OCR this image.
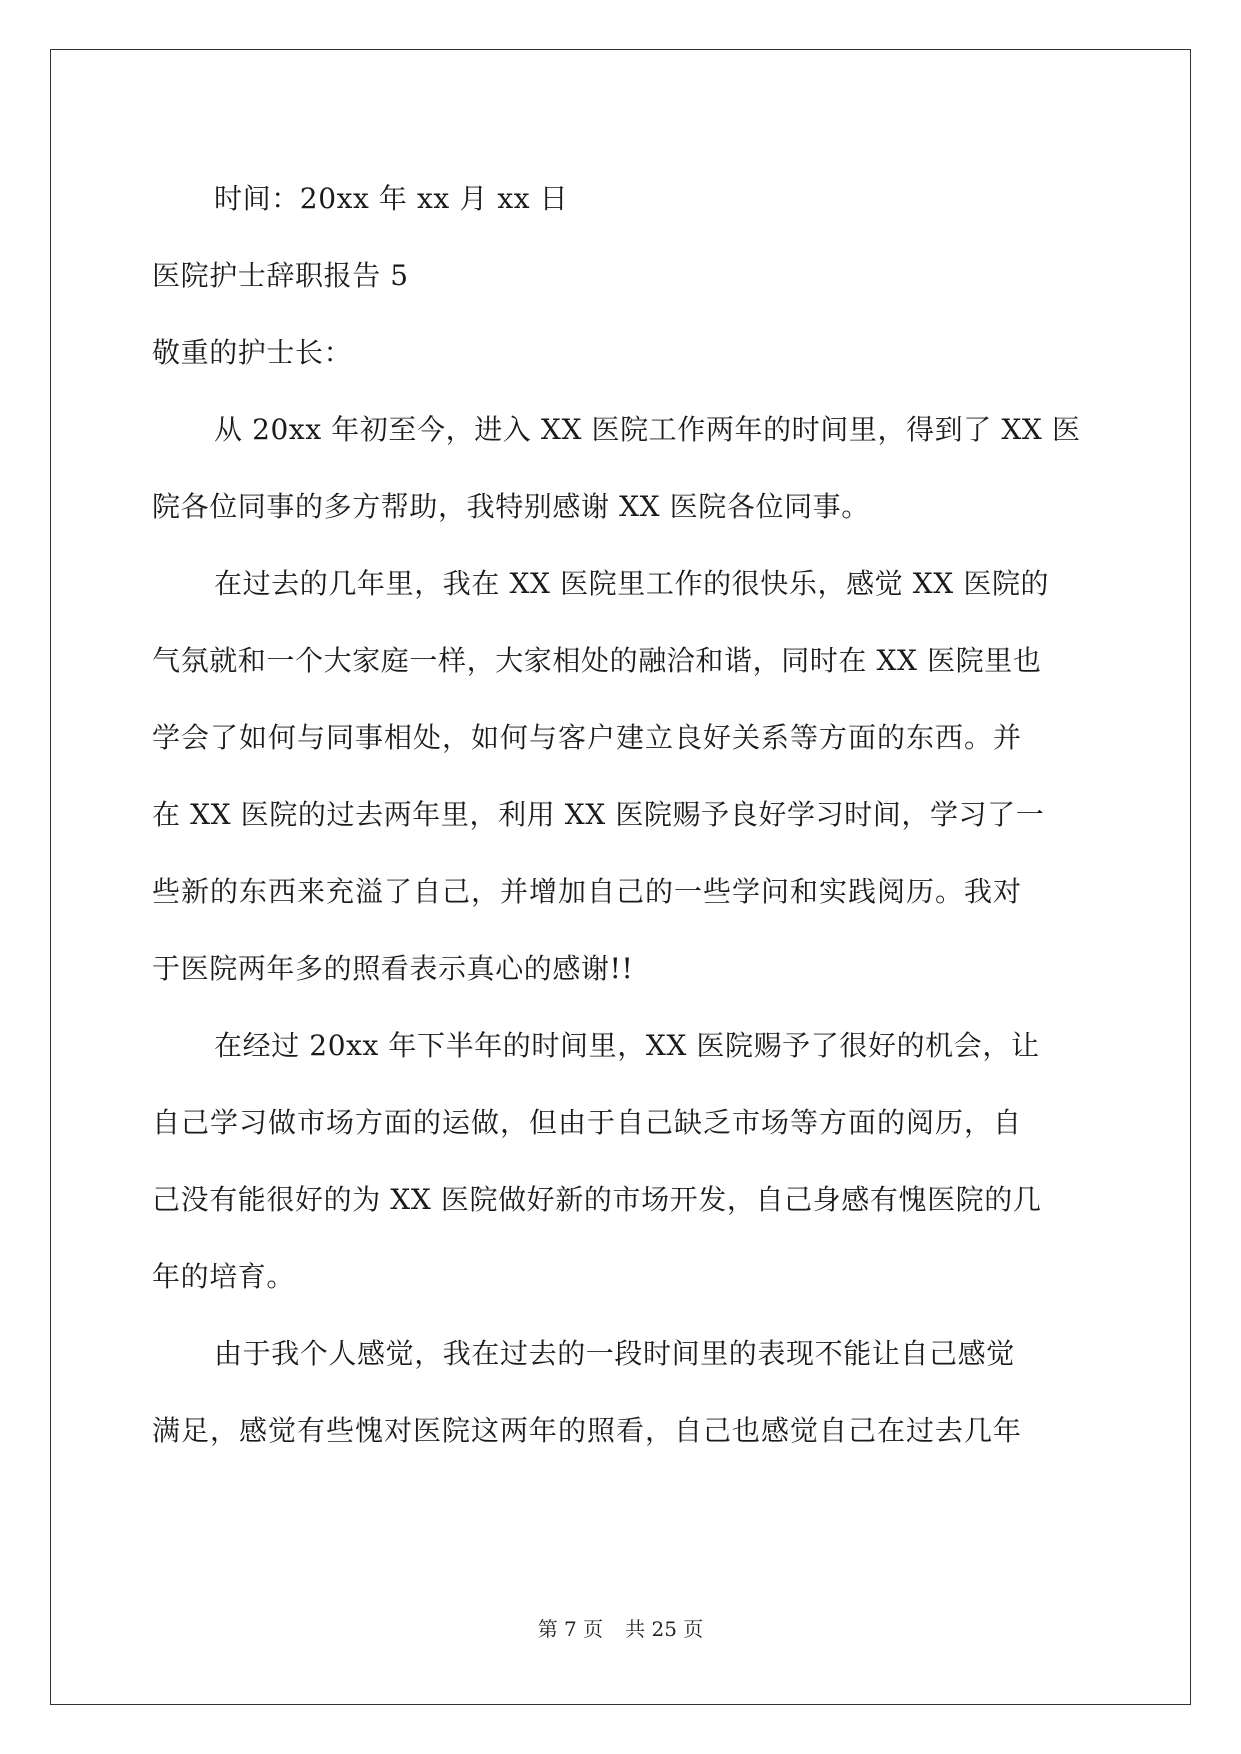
时间：20xx 年 xx 月 xx 日
医院护士辞职报告 5
敬重的护士长：
从 20xx 年初至今，进入 XX 医院工作两年的时间里，得到了 XX 医
院各位同事的多方帮助，我特别感谢 XX 医院各位同事。
在过去的几年里，我在 XX 医院里工作的很快乐，感觉 XX 医院的
气氛就和一个大家庭一样，大家相处的融洽和谐，同时在 XX 医院里也
学会了如何与同事相处，如何与客户建立良好关系等方面的东西。并
在 XX 医院的过去两年里，利用 XX 医院赐予良好学习时间，学习了一
些新的东西来充溢了自己，并增加自己的一些学问和实践阅历。我对
于医院两年多的照看表示真心的感谢!!
在经过 20xx 年下半年的时间里，XX 医院赐予了很好的机会，让
自己学习做市场方面的运做，但由于自己缺乏市场等方面的阅历，自
己没有能很好的为 XX 医院做好新的市场开发，自己身感有愧医院的几
年的培育。
由于我个人感觉，我在过去的一段时间里的表现不能让自己感觉
满足，感觉有些愧对医院这两年的照看，自己也感觉自己在过去几年
第 7 页 共 25 页
